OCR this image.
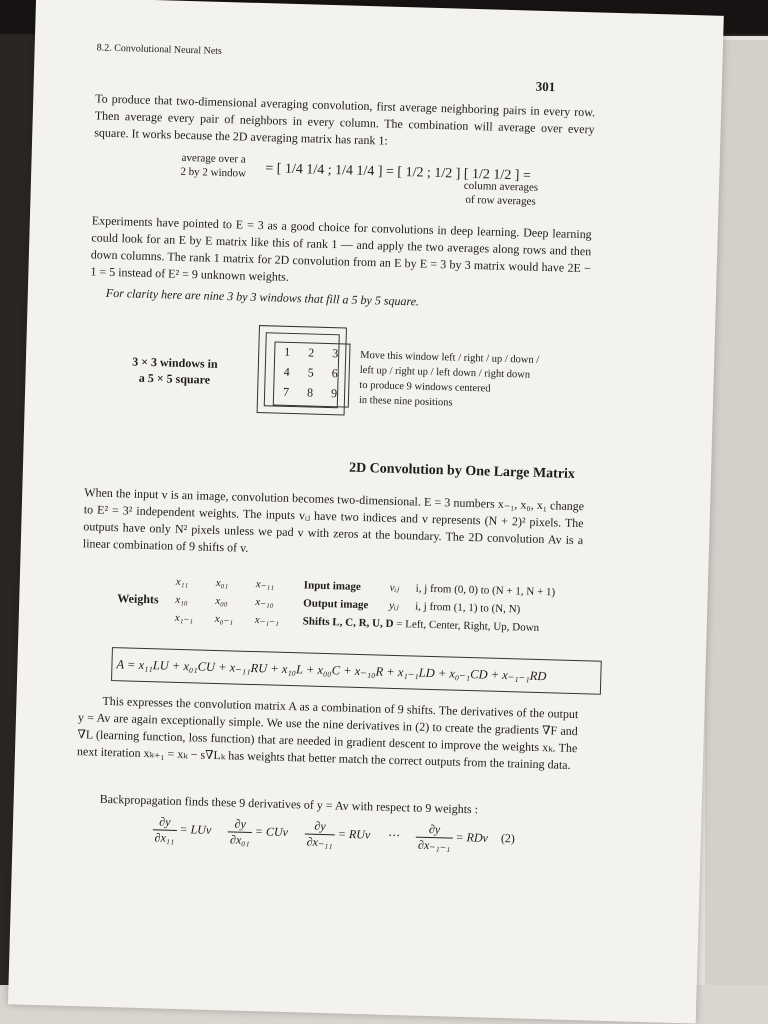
8.2. Convolutional Neural Nets
301
To produce that two-dimensional averaging convolution, first average neighboring pairs in every row. Then average every pair of neighbors in every column. The combination will average over every square. It works because the 2D averaging matrix has rank 1:
average over a
2 by 2 window	= [ 1/4 1/4 ; 1/4 1/4 ] = [ 1/2 ; 1/2 ] [ 1/2 1/2 ] =
column averages
of row averages
Experiments have pointed to E = 3 as a good choice for convolutions in deep learning. Deep learning could look for an E by E matrix like this of rank 1 — and apply the two averages along rows and then down columns. The rank 1 matrix for 2D convolution from an E by E = 3 by 3 matrix would have 2E − 1 = 5 instead of E² = 9 unknown weights.
For clarity here are nine 3 by 3 windows that fill a 5 by 5 square.
3 × 3 windows in
a 5 × 5 square
1	2	3
4	5	6
7	8	9
Move this window left / right / up / down /
left up / right up / left down / right down
to produce 9 windows centered
in these nine positions
2D Convolution by One Large Matrix
When the input v is an image, convolution becomes two-dimensional. E = 3 numbers x₋₁, x₀, x₁ change to E² = 3² independent weights. The inputs vᵢⱼ have two indices and v represents (N + 2)² pixels. The outputs have only N² pixels unless we pad v with zeros at the boundary. The 2D convolution Av is a linear combination of 9 shifts of v.
Weights
x₁₁ x₀₁ x₋₁₁
x₁₀ x₀₀ x₋₁₀
x₁₋₁ x₀₋₁ x₋₁₋₁
Input image	vᵢⱼ i, j from (0, 0) to (N + 1, N + 1)
Output image yᵢⱼ i, j from (1, 1) to (N, N)
Shifts L, C, R, U, D = Left, Center, Right, Up, Down
A = x₁₁LU + x₀₁CU + x₋₁₁RU + x₁₀L + x₀₀C + x₋₁₀R + x₁₋₁LD + x₀₋₁CD + x₋₁₋₁RD
This expresses the convolution matrix A as a combination of 9 shifts. The derivatives of the output y = Av are again exceptionally simple. We use the nine derivatives in (2) to create the gradients ∇F and ∇L (learning function, loss function) that are needed in gradient descent to improve the weights xₖ. The next iteration xₖ₊₁ = xₖ − s∇Lₖ has weights that better match the correct outputs from the training data.
Backpropagation finds these 9 derivatives of y = Av with respect to 9 weights :
$\frac{\partial y}{\text{∂x₁₁}}$ = LUv $\frac{\partial y}{\text{∂x₀₁}}$ = CUv $\frac{\partial y}{\text{∂x₋₁₁}}$ = RUv ⋯ $\frac{\partial y}{\text{∂x₋₁₋₁}}$ = RDv (2)
